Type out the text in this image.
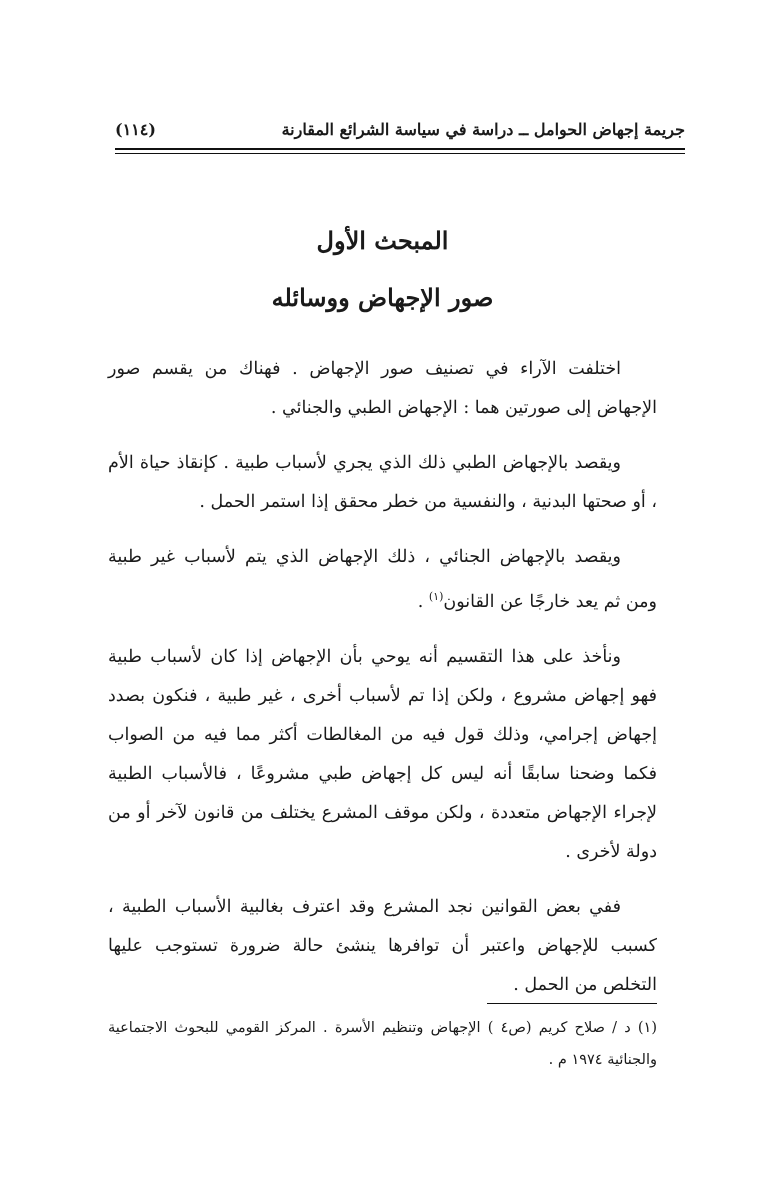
جريمة إجهاض الحوامل ــ دراسة في سياسة الشرائع المقارنة
(١١٤)
المبحث الأول
صور الإجهاض ووسائله

اختلفت الآراء في تصنيف صور الإجهاض . فهناك من يقسم صور الإجهاض إلى صورتين هما : الإجهاض الطبي والجنائي .

ويقصد بالإجهاض الطبي ذلك الذي يجري لأسباب طبية . كإنقاذ حياة الأم ، أو صحتها البدنية ، والنفسية من خطر محقق إذا استمر الحمل .

ويقصد بالإجهاض الجنائي ، ذلك الإجهاض الذي يتم لأسباب غير طبية ومن ثم يعد خارجًا عن القانون$^{(١)}$ .

ونأخذ على هذا التقسيم أنه يوحي بأن الإجهاض إذا كان لأسباب طبية فهو إجهاض مشروع ، ولكن إذا تم لأسباب أخرى ، غير طبية ، فنكون بصدد إجهاض إجرامي، وذلك قول فيه من المغالطات أكثر مما فيه من الصواب فكما وضحنا سابقًا أنه ليس كل إجهاض طبي مشروعًا ، فالأسباب الطبية لإجراء الإجهاض متعددة ، ولكن موقف المشرع يختلف من قانون لآخر أو من دولة لأخرى .

ففي بعض القوانين نجد المشرع وقد اعترف بغالبية الأسباب الطبية ، كسبب للإجهاض واعتبر أن توافرها ينشئ حالة ضرورة تستوجب عليها التخلص من الحمل .

(١) د / صلاح كريم (ص٤ ) الإجهاض وتنظيم الأسرة . المركز القومي للبحوث الاجتماعية والجنائية ١٩٧٤ م .
